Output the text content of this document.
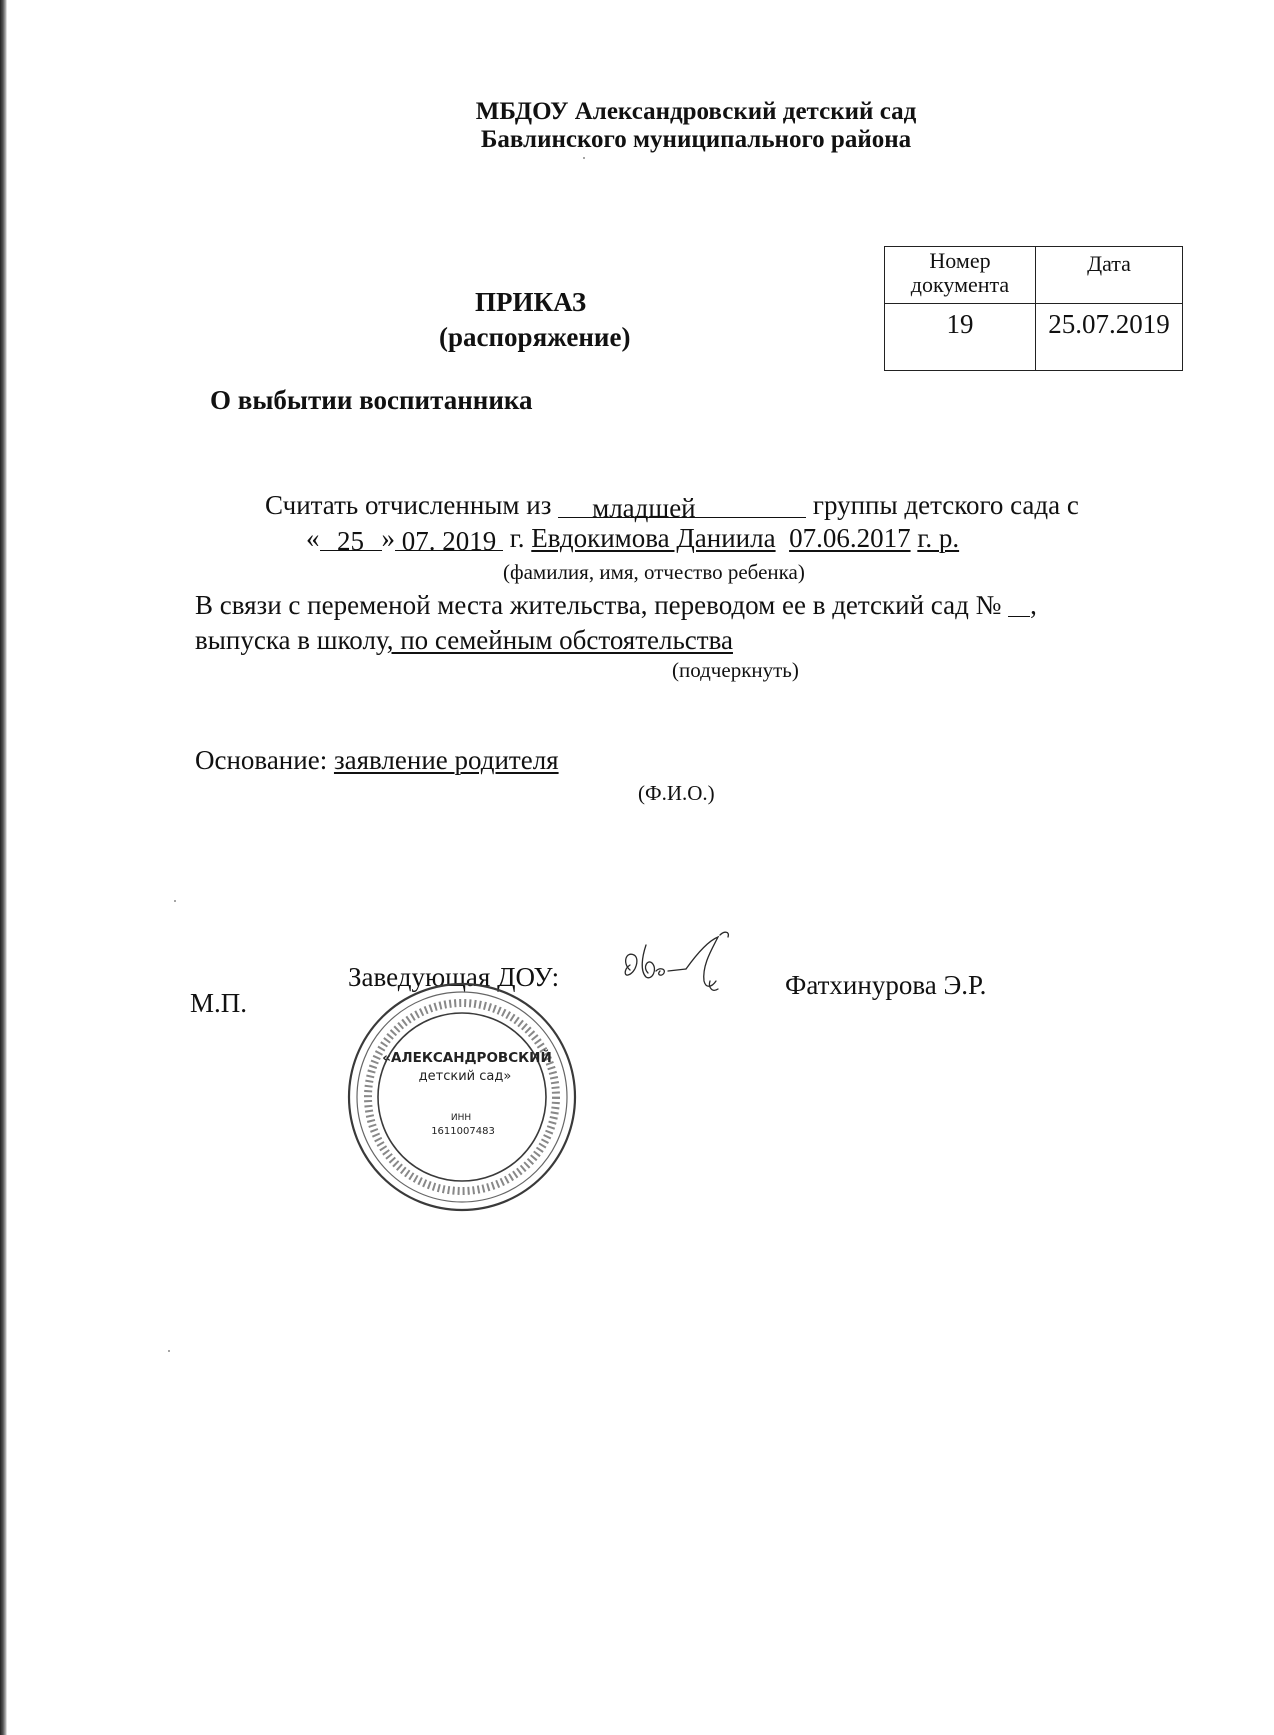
МБДОУ Александровский детский сад
Бавлинского муниципального района
ПРИКАЗ
(распоряжение)
Номер документа	Дата
19	25.07.2019
О выбытии воспитанника
Считать отчисленным из младшей	группы детского сада с
« 25 » 07. 2019 г. Евдокимова Даниила 07.06.2017 г. р.
(фамилия, имя, отчество ребенка)
В связи с переменой места жительства, переводом ее в детский сад № ,
выпуска в школу, по семейным обстоятельства
(подчеркнуть)
Основание: заявление родителя
(Ф.И.О.)
М.П.
Заведующая ДОУ:	Фатхинурова Э.Р.
«АЛЕКСАНДРОВСКИЙ
детский сад»
ИНН
1611007483
